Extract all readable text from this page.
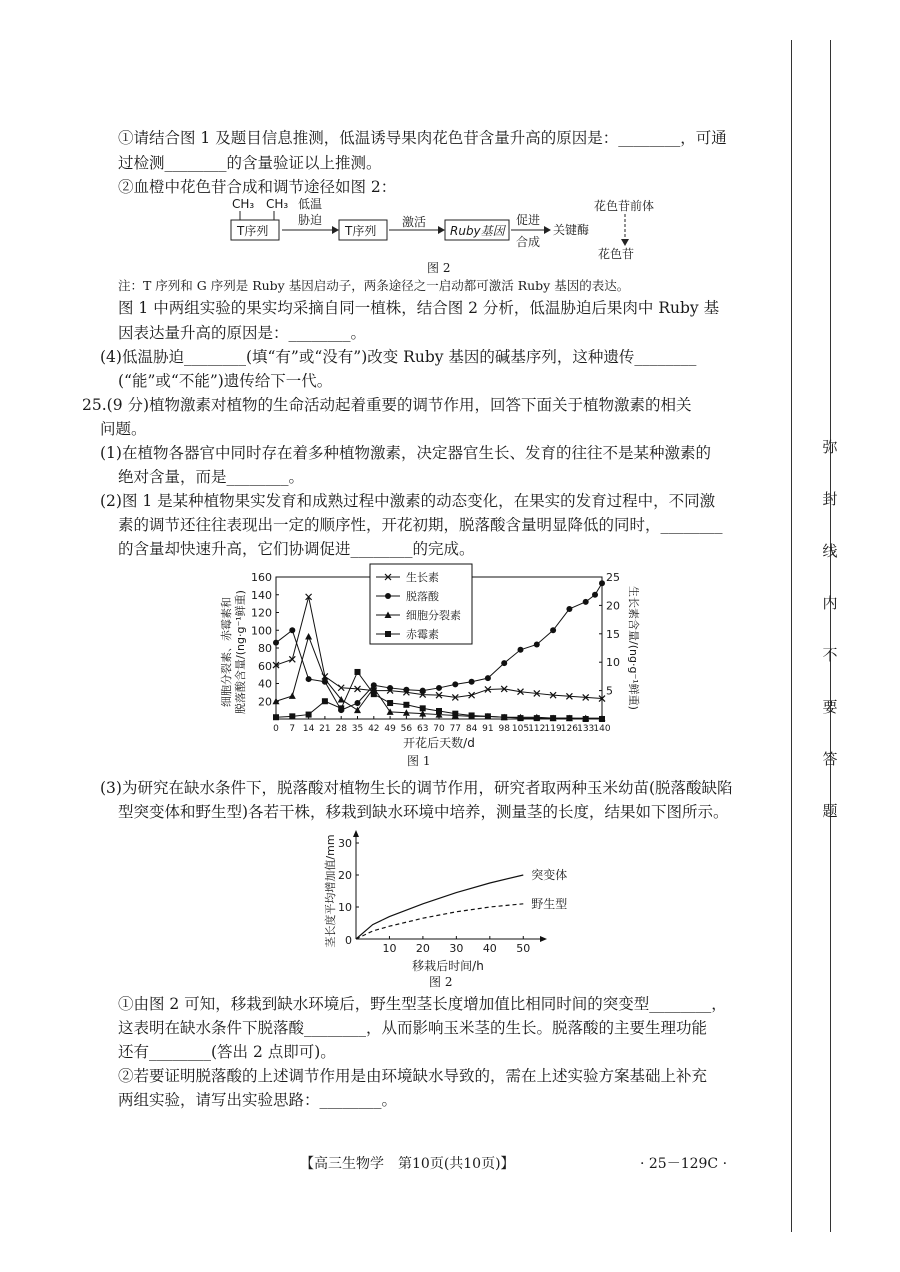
弥
封
线
内
不
要
答
题
①请结合图 1 及题目信息推测，低温诱导果肉花色苷含量升高的原因是：________，可通
过检测________的含量验证以上推测。
②血橙中花色苷合成和调节途径如图 2：
CH₃ CH₃
T序列
低温
胁迫
T序列
激活
Ruby基因
促进
合成
关键酶
花色苷前体
花色苷
图 2
注：T 序列和 G 序列是 Ruby 基因启动子，两条途径之一启动都可激活 Ruby 基因的表达。
图 1 中两组实验的果实均采摘自同一植株，结合图 2 分析，低温胁迫后果肉中 Ruby 基
因表达量升高的原因是：________。
(4)低温胁迫________(填“有”或“没有”)改变 Ruby 基因的碱基序列，这种遗传________
(“能”或“不能”)遗传给下一代。
25.(9 分)植物激素对植物的生命活动起着重要的调节作用，回答下面关于植物激素的相关
问题。
(1)在植物各器官中同时存在着多种植物激素，决定器官生长、发育的往往不是某种激素的
绝对含量，而是________。
(2)图 1 是某种植物果实发育和成熟过程中激素的动态变化，在果实的发育过程中，不同激
素的调节还往往表现出一定的顺序性，开花初期，脱落酸含量明显降低的同时，________
的含量却快速升高，它们协调促进________的完成。
0 7 14 21 28 35 42 49 56 63 70 77 84 91 98 105 112 119 126 133 140
开花后天数/d
20
40
60
80
100
120
140
160
5
10
15
20
25
细胞分裂素、赤霉素和 脱落酸含量/(ng·g⁻¹鲜重)	生长素含量/(ng·g⁻¹鲜重)
生长素
脱落酸
细胞分裂素
赤霉素
图 1
(3)为研究在缺水条件下，脱落酸对植物生长的调节作用，研究者取两种玉米幼苗(脱落酸缺陷
型突变体和野生型)各若干株，移栽到缺水环境中培养，测量茎的长度，结果如下图所示。
10 20 30 40 50
0
10
20
30
移栽后时间/h
茎长度平均增加值/mm	突变体
野生型
图 2
①由图 2 可知，移栽到缺水环境后，野生型茎长度增加值比相同时间的突变型________，
这表明在缺水条件下脱落酸________，从而影响玉米茎的生长。脱落酸的主要生理功能
还有________(答出 2 点即可)。
②若要证明脱落酸的上述调节作用是由环境缺水导致的，需在上述实验方案基础上补充
两组实验，请写出实验思路：________。
【高三生物学　第10页(共10页)】	· 25－129C ·
